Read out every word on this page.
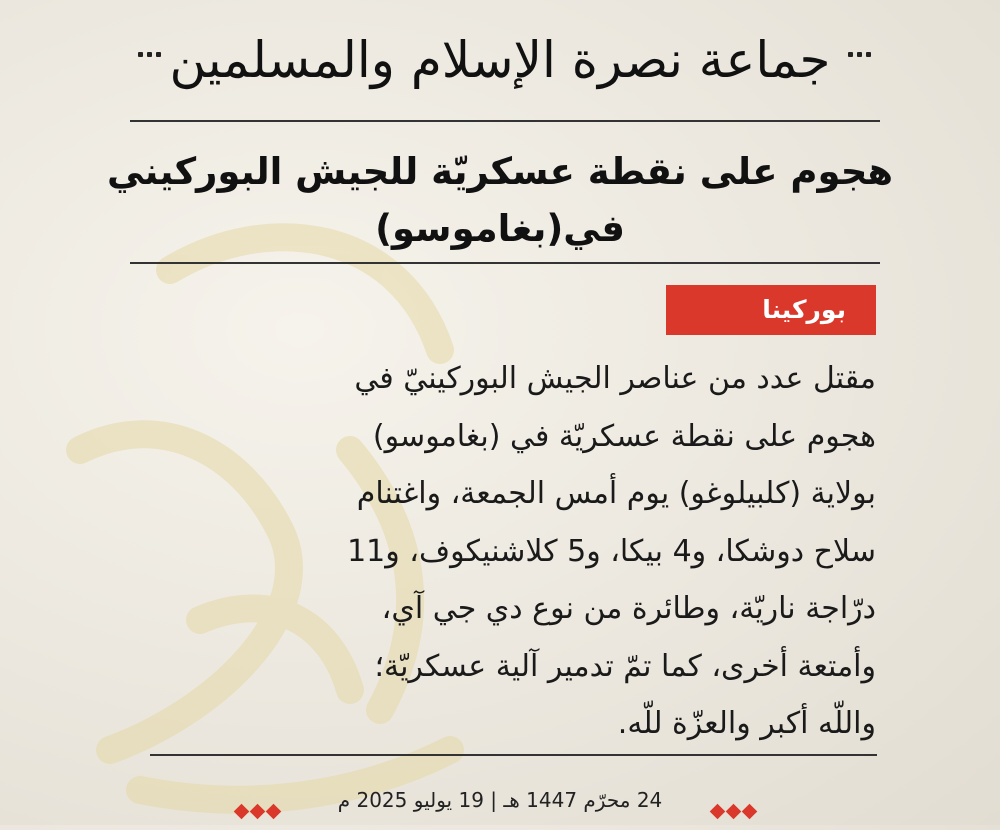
جماعة نصرة الإسلام والمسلمين
هجوم على نقطة عسكريّة للجيش البوركيني
في(بغاموسو)
بوركينا

مقتل عدد من عناصر الجيش البوركينيّ في

هجوم على نقطة عسكريّة في (بغاموسو)

بولاية (كلبيلوغو) يوم أمس الجمعة، واغتنام

سلاح دوشكا، و4 بيكا، و5 كلاشنيكوف، و11

درّاجة ناريّة، وطائرة من نوع دي جي آي،

وأمتعة أخرى، كما تمّ تدمير آلية عسكريّة؛

واللّه أكبر والعزّة للّه.

24 محرّم 1447 هـ | 19 يوليو 2025 م
